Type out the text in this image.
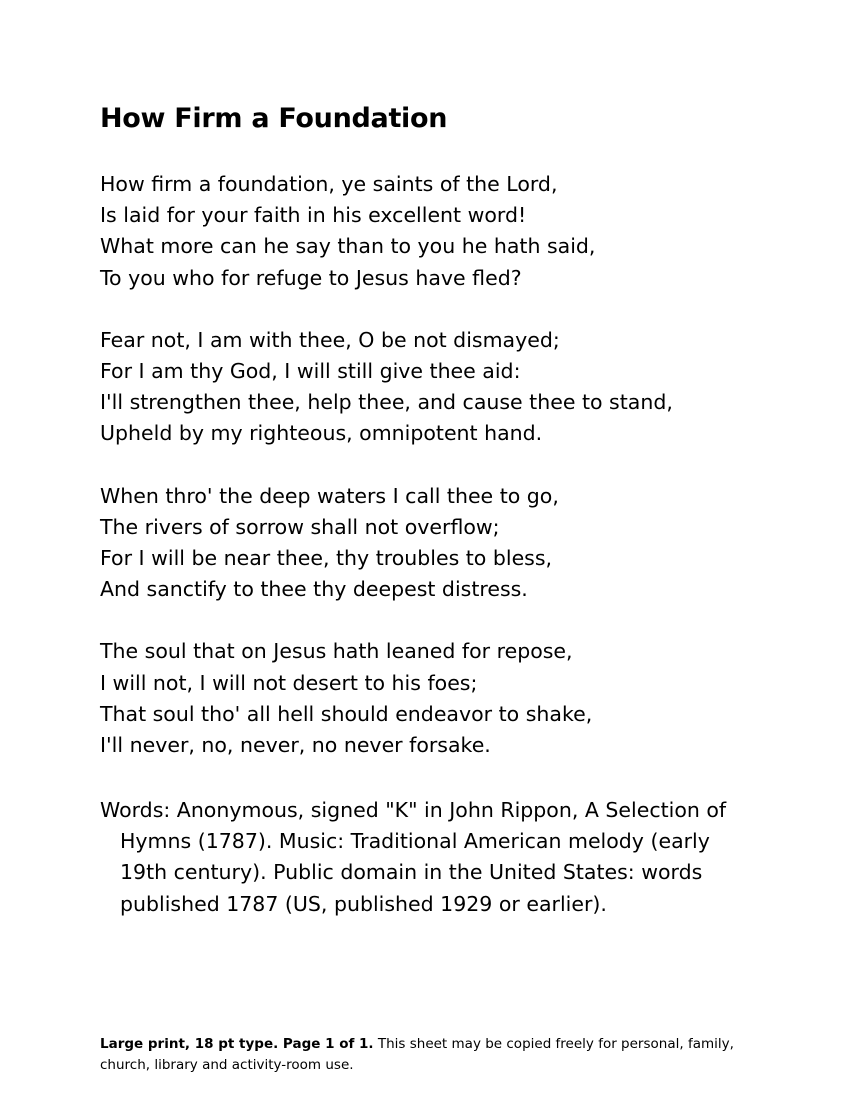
How Firm a Foundation
How firm a foundation, ye saints of the Lord,
Is laid for your faith in his excellent word!
What more can he say than to you he hath said,
To you who for refuge to Jesus have fled?
Fear not, I am with thee, O be not dismayed;
For I am thy God, I will still give thee aid:
I'll strengthen thee, help thee, and cause thee to stand,
Upheld by my righteous, omnipotent hand.
When thro' the deep waters I call thee to go,
The rivers of sorrow shall not overflow;
For I will be near thee, thy troubles to bless,
And sanctify to thee thy deepest distress.
The soul that on Jesus hath leaned for repose,
I will not, I will not desert to his foes;
That soul tho' all hell should endeavor to shake,
I'll never, no, never, no never forsake.

Words: Anonymous, signed "K" in John Rippon, A Selection of Hymns (1787). Music: Traditional American melody (early 19th century). Public domain in the United States: words published 1787 (US, published 1929 or earlier).

Large print, 18 pt type. Page 1 of 1. This sheet may be copied freely for personal, family, church, library and activity-room use.
